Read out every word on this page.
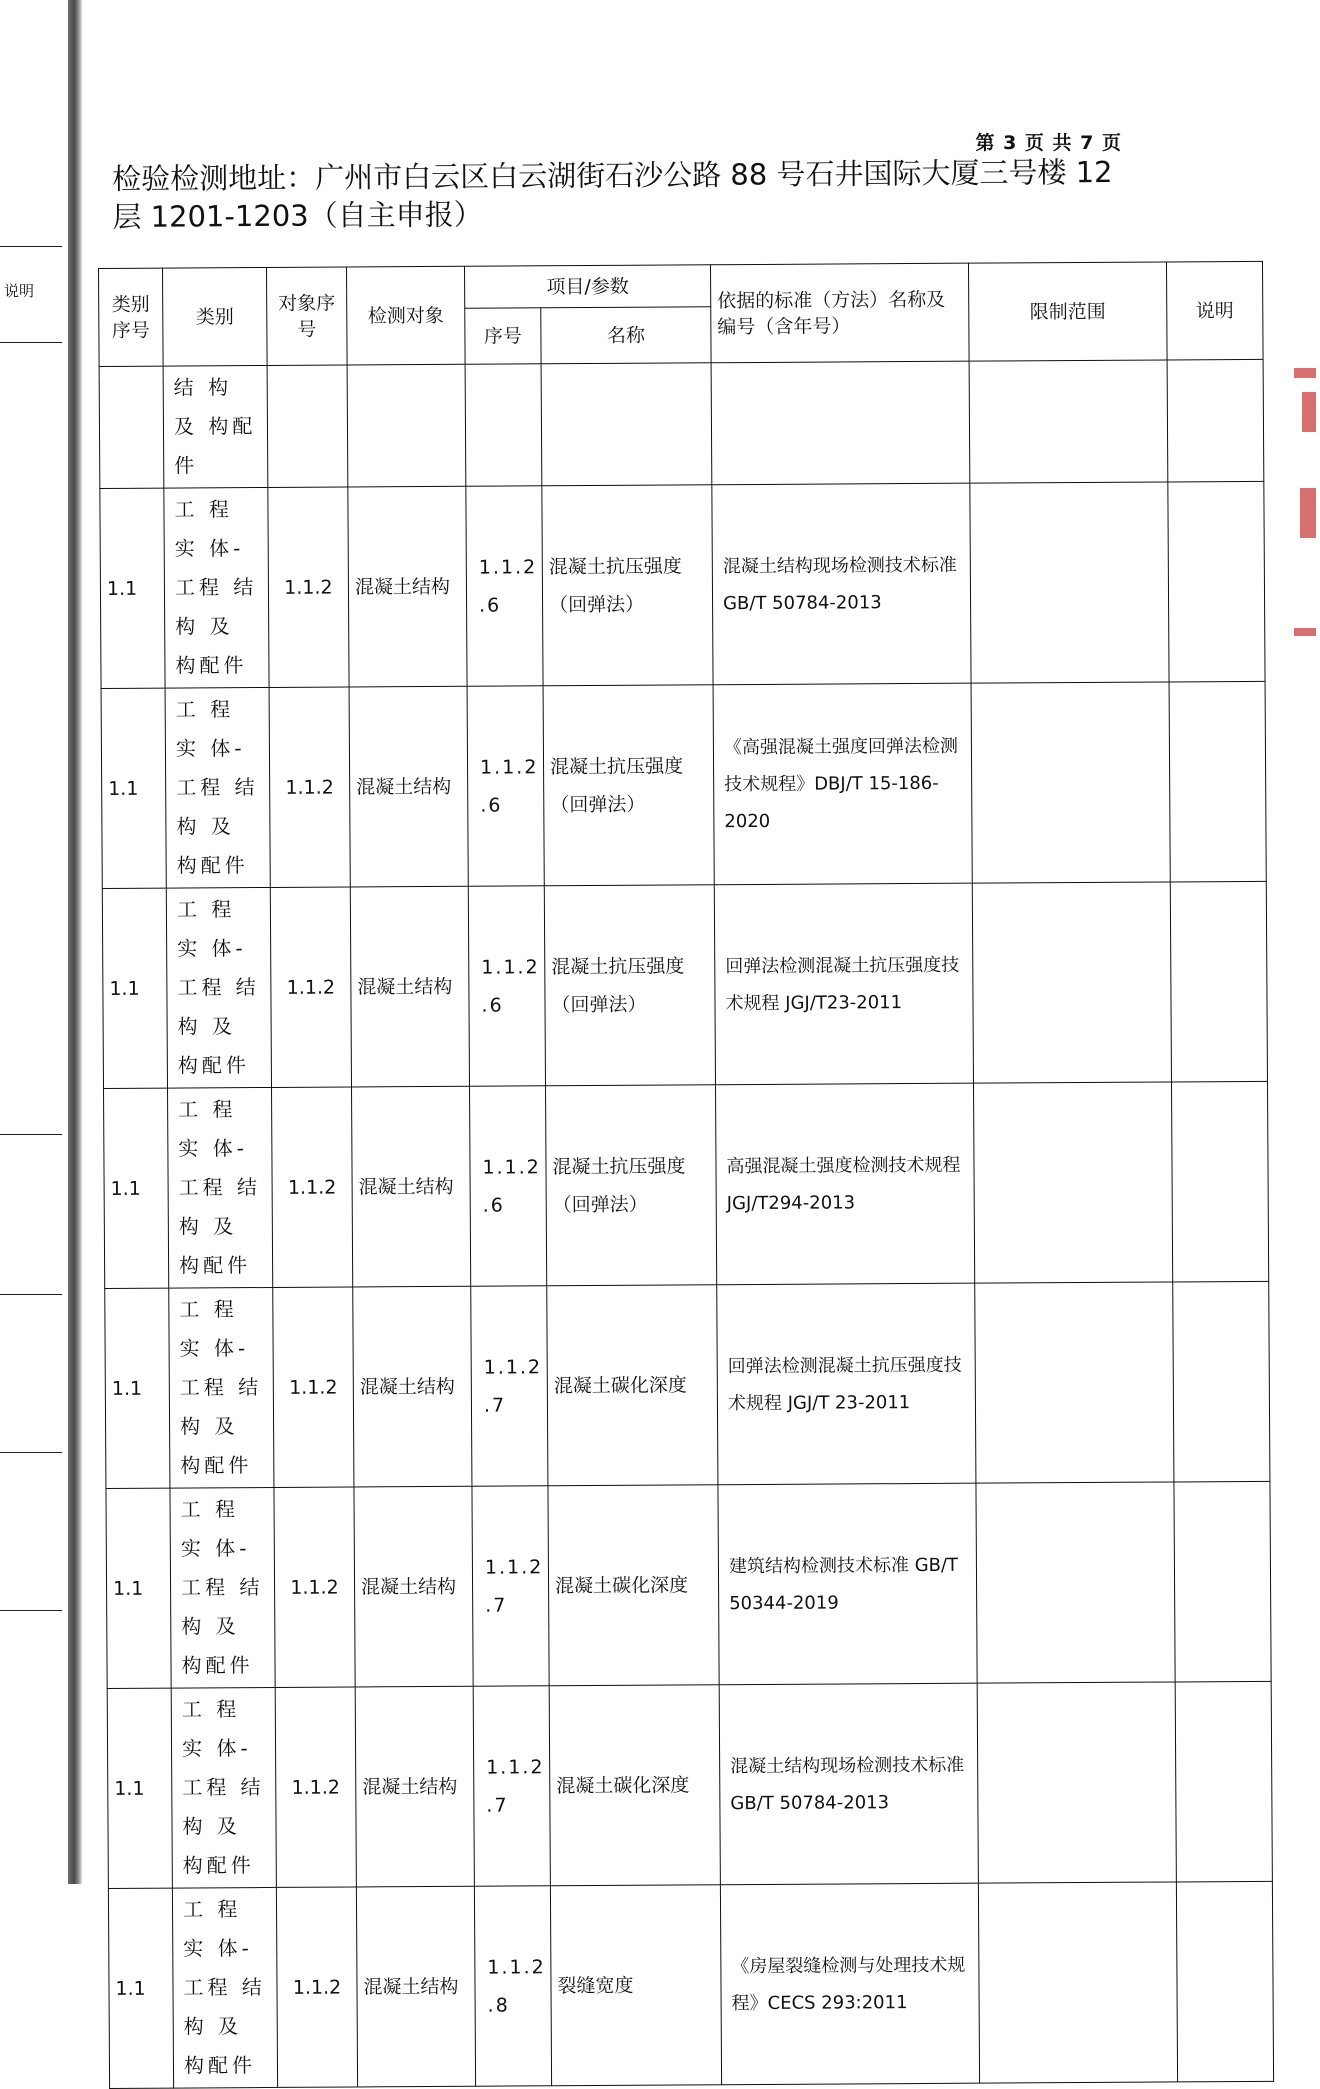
说明
第 3 页 共 7 页
检验检测地址：广州市白云区白云湖街石沙公路 88 号石井国际大厦三号楼 12
层 1201-1203（自主申报）
类别序号	类别	对象序号	检测对象	项目/参数		依据的标准（方法）名称及编号（含年号）	限制范围	说明
				序号	名称			
	结 构 及 构配件							
1.1	工 程 实 体-工程 结 构 及 构配件	1.1.2	混凝土结构	1.1.2 .6	混凝土抗压强度（回弹法）	混凝土结构现场检测技术标准 GB/T 50784-2013		
1.1	工 程 实 体-工程 结 构 及 构配件	1.1.2	混凝土结构	1.1.2 .6	混凝土抗压强度（回弹法）	《高强混凝土强度回弹法检测技术规程》DBJ/T 15-186-2020		
1.1	工 程 实 体-工程 结 构 及 构配件	1.1.2	混凝土结构	1.1.2 .6	混凝土抗压强度（回弹法）	回弹法检测混凝土抗压强度技术规程 JGJ/T23-2011		
1.1	工 程 实 体-工程 结 构 及 构配件	1.1.2	混凝土结构	1.1.2 .6	混凝土抗压强度（回弹法）	高强混凝土强度检测技术规程 JGJ/T294-2013		
1.1	工 程 实 体-工程 结 构 及 构配件	1.1.2	混凝土结构	1.1.2 .7	混凝土碳化深度	回弹法检测混凝土抗压强度技术规程 JGJ/T 23-2011		
1.1	工 程 实 体-工程 结 构 及 构配件	1.1.2	混凝土结构	1.1.2 .7	混凝土碳化深度	建筑结构检测技术标准 GB/T 50344-2019		
1.1	工 程 实 体-工程 结 构 及 构配件	1.1.2	混凝土结构	1.1.2 .7	混凝土碳化深度	混凝土结构现场检测技术标准 GB/T 50784-2013		
1.1	工 程 实 体-工程 结 构 及 构配件	1.1.2	混凝土结构	1.1.2 .8	裂缝宽度	《房屋裂缝检测与处理技术规程》CECS 293:2011		
